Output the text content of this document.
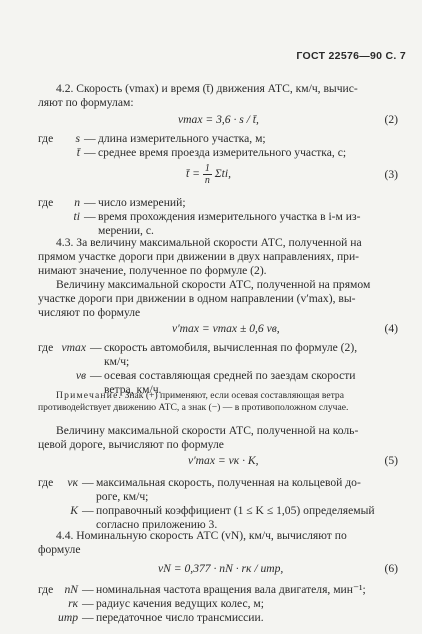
ГОСТ 22576—90 С. 7
4.2. Скорость (vmax) и время (t̄) движения АТС, км/ч, вычис-
ляют по формулам:
vmax = 3,6 · s / t̄,	(2)
где	s — длина измерительного участка, м;
t̄ — среднее время проезда измерительного участка, с;
t̄ = $\frac{1}{n} \Sigma ti$,	(3)
где	n — число измерений;
ti — время прохождения измерительного участка в i-м из-
мерении, с.
4.3. За величину максимальной скорости АТС, полученной на
прямом участке дороги при движении в двух направлениях, при-
нимают значение, полученное по формуле (2).
Величину максимальной скорости АТС, полученной на прямом
участке дороги при движении в одном направлении (v′max), вы-
числяют по формуле
v′max = vmax ± 0,6 vв,	(4)
где vmax — скорость автомобиля, вычисленная по формуле (2),
км/ч;
vв — осевая составляющая средней по заездам скорости
ветра, км/ч.
Примечание. Знак (+) применяют, если осевая составляющая ветра
противодействует движению АТС, а знак (−) — в противоположном случае.
Величину максимальной скорости АТС, полученной на коль-
цевой дороге, вычисляют по формуле
v′max = vк · K,	(5)
где	vк — максимальная скорость, полученная на кольцевой до-
роге, км/ч;
K — поправочный коэффициент (1 ≤ K ≤ 1,05) определяемый
согласно приложению 3.
4.4. Номинальную скорость АТС (vN), км/ч, вычисляют по
формуле
vN = 0,377 · nN · rк / uтр,	(6)
где nN — номинальная частота вращения вала двигателя, мин⁻¹;
rк — радиус качения ведущих колес, м;
uтр — передаточное число трансмиссии.
